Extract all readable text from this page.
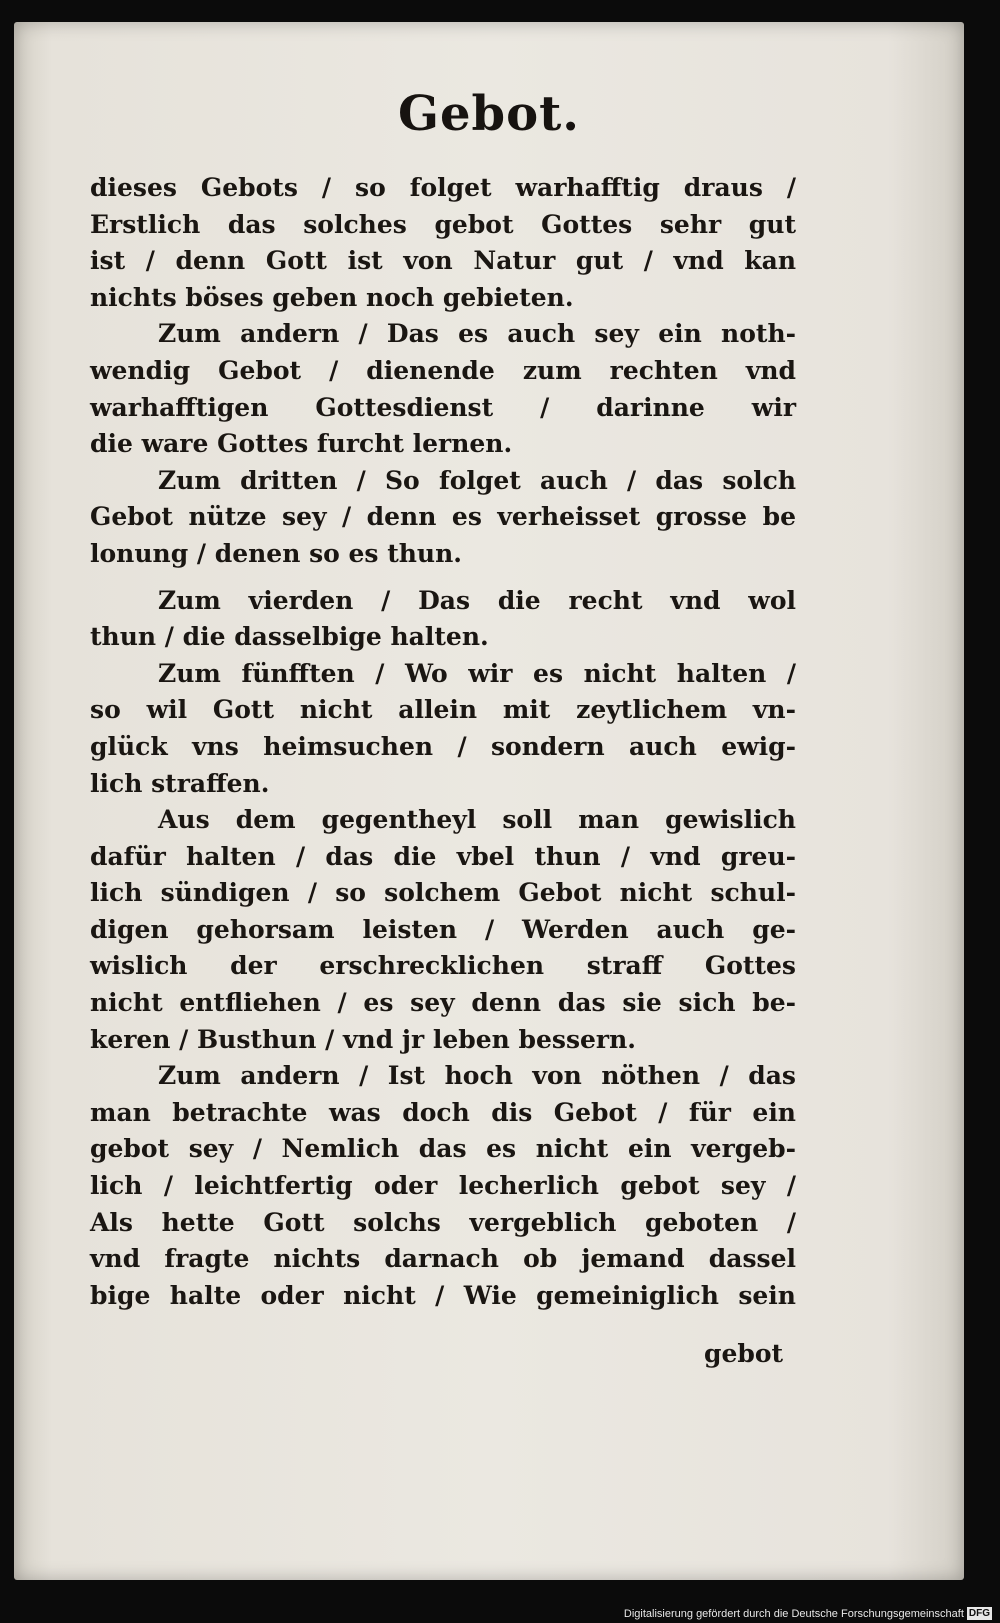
Gebot.
dieses Gebots / so folget warhafftig draus /
Erstlich das solches gebot Gottes sehr gut
ist / denn Gott ist von Natur gut / vnd kan
nichts böses geben noch gebieten.
Zum andern / Das es auch sey ein noth-
wendig Gebot / dienende zum rechten vnd
warhafftigen Gottesdienst / darinne wir
die ware Gottes furcht lernen.
Zum dritten / So folget auch / das solch
Gebot nütze sey / denn es verheisset grosse be
lonung / denen so es thun.
Zum vierden / Das die recht vnd wol
thun / die dasselbige halten.
Zum fünfften / Wo wir es nicht halten /
so wil Gott nicht allein mit zeytlichem vn-
glück vns heimsuchen / sondern auch ewig-
lich straffen.
Aus dem gegentheyl soll man gewislich
dafür halten / das die vbel thun / vnd greu-
lich sündigen / so solchem Gebot nicht schul-
digen gehorsam leisten / Werden auch ge-
wislich der erschrecklichen straff Gottes
nicht entfliehen / es sey denn das sie sich be-
keren / Busthun / vnd jr leben bessern.
Zum andern / Ist hoch von nöthen / das
man betrachte was doch dis Gebot / für ein
gebot sey / Nemlich das es nicht ein vergeb-
lich / leichtfertig oder lecherlich gebot sey /
Als hette Gott solchs vergeblich geboten /
vnd fragte nichts darnach ob jemand dassel
bige halte oder nicht / Wie gemeiniglich sein
gebot
Digitalisierung gefördert durch die Deutsche Forschungsgemeinschaft DFG
